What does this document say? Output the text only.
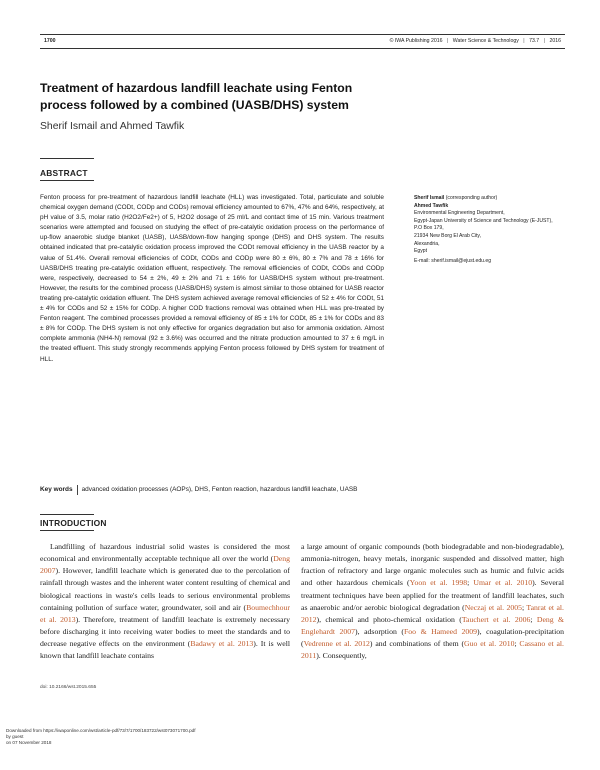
1700	© IWA Publishing 2016 | Water Science & Technology | 73.7 | 2016
Treatment of hazardous landfill leachate using Fenton process followed by a combined (UASB/DHS) system
Sherif Ismail and Ahmed Tawfik
ABSTRACT
Fenton process for pre-treatment of hazardous landfill leachate (HLL) was investigated. Total, particulate and soluble chemical oxygen demand (CODt, CODp and CODs) removal efficiency amounted to 67%, 47% and 64%, respectively, at pH value of 3.5, molar ratio (H2O2/Fe2+) of 5, H2O2 dosage of 25 ml/L and contact time of 15 min. Various treatment scenarios were attempted and focused on studying the effect of pre-catalytic oxidation process on the performance of up-flow anaerobic sludge blanket (UASB), UASB/down-flow hanging sponge (DHS) and DHS system. The results obtained indicated that pre-catalytic oxidation process improved the CODt removal efficiency in the UASB reactor by a value of 51.4%. Overall removal efficiencies of CODt, CODs and CODp were 80 ± 6%, 80 ± 7% and 78 ± 16% for UASB/DHS treating pre-catalytic oxidation effluent, respectively. The removal efficiencies of CODt, CODs and CODp were, respectively, decreased to 54 ± 2%, 49 ± 2% and 71 ± 16% for UASB/DHS system without pre-treatment. However, the results for the combined process (UASB/DHS) system is almost similar to those obtained for UASB reactor treating pre-catalytic oxidation effluent. The DHS system achieved average removal efficiencies of 52 ± 4% for CODt, 51 ± 4% for CODs and 52 ± 15% for CODp. A higher COD fractions removal was obtained when HLL was pre-treated by Fenton reagent. The combined processes provided a removal efficiency of 85 ± 1% for CODt, 85 ± 1% for CODs and 83 ± 8% for CODp. The DHS system is not only effective for organics degradation but also for ammonia oxidation. Almost complete ammonia (NH4-N) removal (92 ± 3.6%) was occurred and the nitrate production amounted to 37 ± 6 mg/L in the treated effluent. This study strongly recommends applying Fenton process followed by DHS system for treatment of HLL.
Key words	advanced oxidation processes (AOPs), DHS, Fenton reaction, hazardous landfill leachate, UASB
Sherif Ismail (corresponding author)
Ahmed Tawfik
Environmental Engineering Department,
Egypt-Japan University of Science and Technology (E-JUST),
P.O Box 179,
21934 New Borg El Arab City,
Alexandria,
Egypt
E-mail: sherif.ismail@ejust.edu.eg
INTRODUCTION
Landfilling of hazardous industrial solid wastes is considered the most economical and environmentally acceptable technique all over the world (Deng 2007). However, landfill leachate which is generated due to the percolation of rainfall through wastes and the inherent water content resulting of chemical and biological reactions in waste's cells leads to serious environmental problems containing pollution of surface water, groundwater, soil and air (Boumechhour et al. 2013). Therefore, treatment of landfill leachate is extremely necessary before discharging it into receiving water bodies to meet the standards and to decrease negative effects on the environment (Badawy et al. 2013). It is well known that landfill leachate contains
a large amount of organic compounds (both biodegradable and non-biodegradable), ammonia-nitrogen, heavy metals, inorganic suspended and dissolved matter, high fraction of refractory and large organic molecules such as humic and fulvic acids and other hazardous chemicals (Yoon et al. 1998; Umar et al. 2010). Several treatment techniques have been applied for the treatment of landfill leachates, such as anaerobic and/or aerobic biological degradation (Neczaj et al. 2005; Tanrat et al. 2012), chemical and photo-chemical oxidation (Tauchert et al. 2006; Deng & Englehardt 2007), adsorption (Foo & Hameed 2009), coagulation-precipitation (Vedrenne et al. 2012) and combinations of them (Guo et al. 2010; Cassano et al. 2011). Consequently,
doi: 10.2166/wst.2015.655
Downloaded from https://iwaponline.com/wst/article-pdf/73/7/1700/183722/wst073071700.pdf
by guest
on 07 November 2018
